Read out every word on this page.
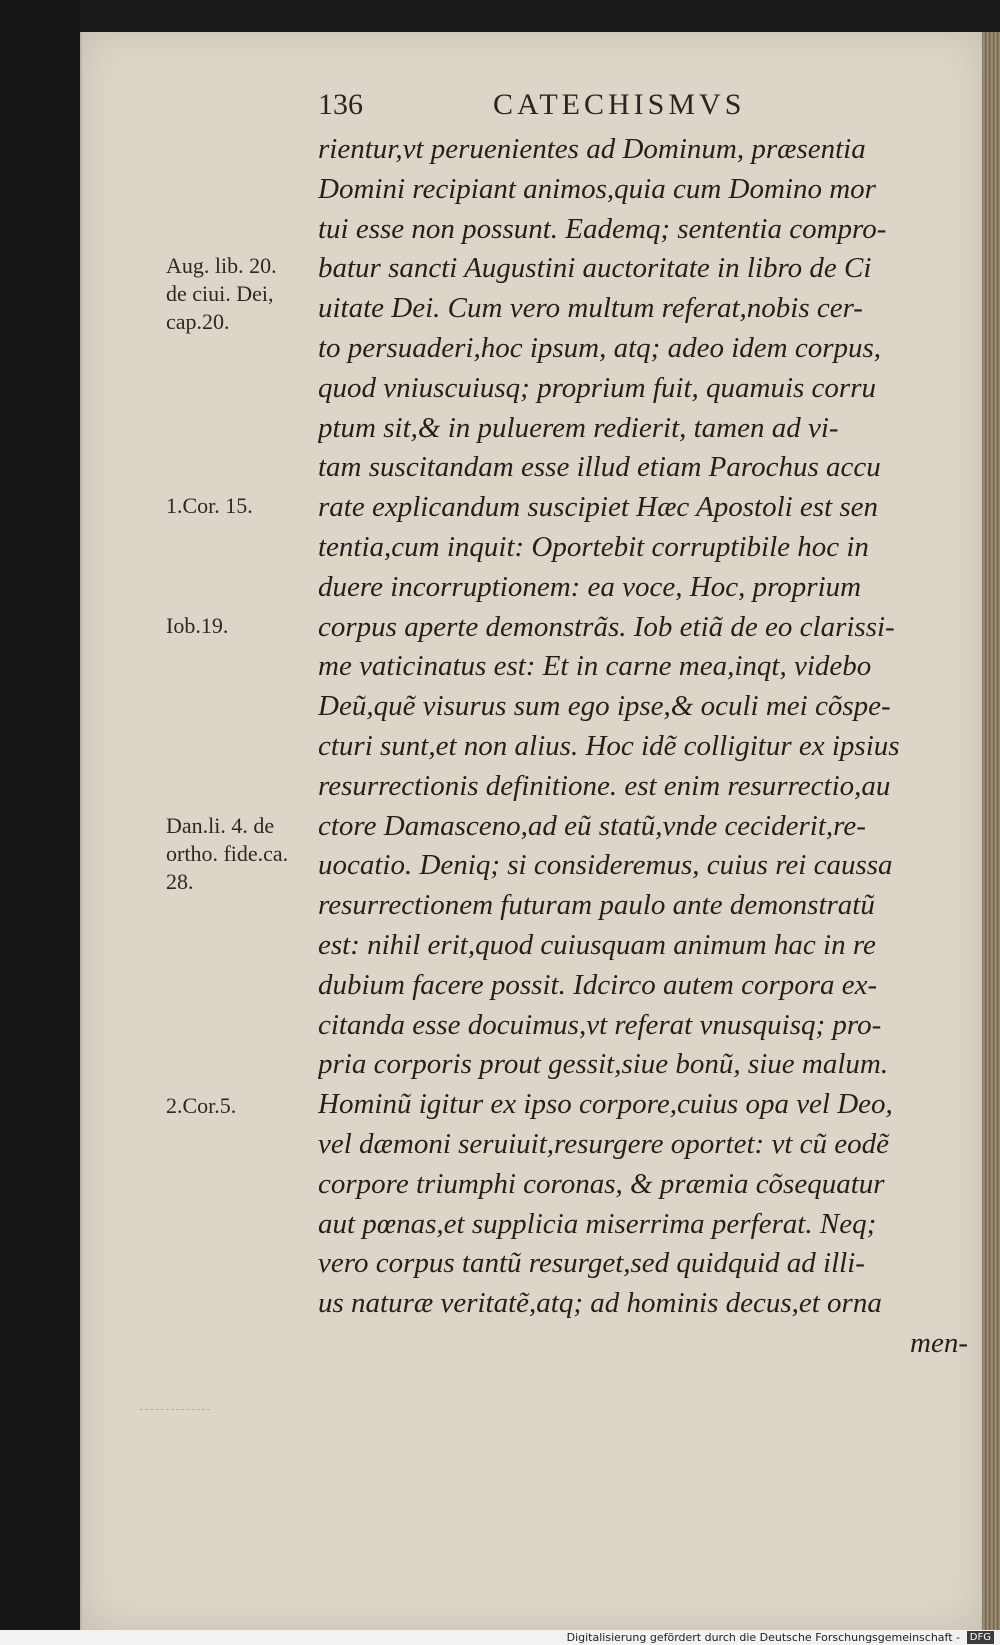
136	CATECHISMVS
rientur,vt peruenientes ad Dominum, præsentia
Domini recipiant animos,quia cum Domino mor
tui esse non possunt. Eademq; sententia compro-
batur sancti Augustini auctoritate in libro de Ci
uitate Dei. Cum vero multum referat,nobis cer-
to persuaderi,hoc ipsum, atq; adeo idem corpus,
quod vniuscuiusq; proprium fuit, quamuis corru
ptum sit,& in puluerem redierit, tamen ad vi-
tam suscitandam esse illud etiam Parochus accu
rate explicandum suscipiet Hæc Apostoli est sen
tentia,cum inquit: Oportebit corruptibile hoc in
duere incorruptionem: ea voce, Hoc, proprium
corpus aperte demonstrãs. Iob etiã de eo clarissi-
me vaticinatus est: Et in carne mea,inqt, videbo
Deũ,quẽ visurus sum ego ipse,& oculi mei cõspe-
cturi sunt,et non alius. Hoc idẽ colligitur ex ipsius
resurrectionis definitione. est enim resurrectio,au
ctore Damasceno,ad eũ statũ,vnde ceciderit,re-
uocatio. Deniq; si consideremus, cuius rei caussa
resurrectionem futuram paulo ante demonstratũ
est: nihil erit,quod cuiusquam animum hac in re
dubium facere possit. Idcirco autem corpora ex-
citanda esse docuimus,vt referat vnusquisq; pro-
pria corporis prout gessit,siue bonũ, siue malum.
Hominũ igitur ex ipso corpore,cuius opa vel Deo,
vel dæmoni seruiuit,resurgere oportet: vt cũ eodẽ
corpore triumphi coronas, & præmia cõsequatur
aut pœnas,et supplicia miserrima perferat. Neq;
vero corpus tantũ resurget,sed quidquid ad illi-
us naturæ veritatẽ,atq; ad hominis decus,et orna
men-
Aug. lib. 20.
de ciui. Dei,
cap.20.
1.Cor. 15.
Iob.19.
Dan.li. 4. de
ortho. fide.ca.
28.
2.Cor.5.
Digitalisierung gefördert durch die Deutsche Forschungsgemeinschaft - DFG
